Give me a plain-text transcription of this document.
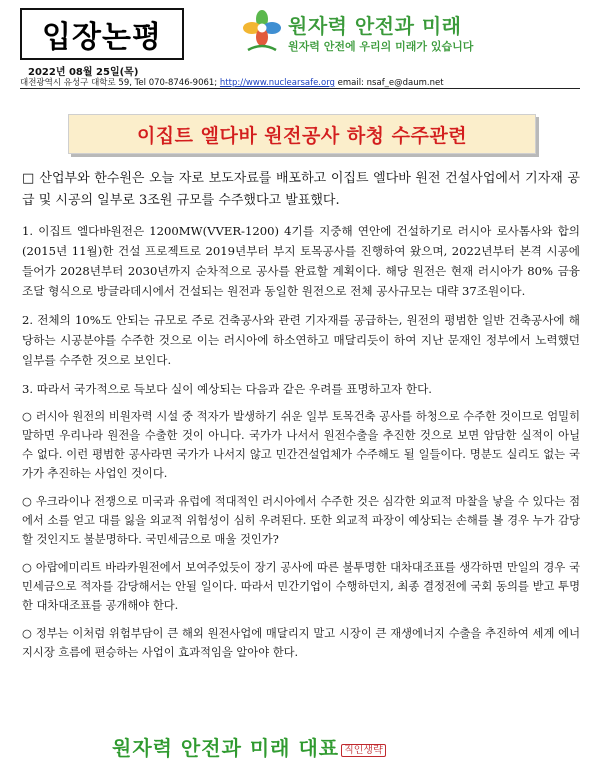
입장논평
2022년 08월 25일(목)
원자력 안전과 미래
원자력 안전에 우리의 미래가 있습니다
대전광역시 유성구 대학로 59, Tel 070-8746-9061; http://www.nuclearsafe.org email: nsaf_e@daum.net
이집트 엘다바 원전공사 하청 수주관련

□ 산업부와 한수원은 오늘 자로 보도자료를 배포하고 이집트 엘다바 원전 건설사업에서 기자재 공급 및 시공의 일부로 3조원 규모를 수주했다고 발표했다.

1. 이집트 엘다바원전은 1200MW(VVER-1200) 4기를 지중해 연안에 건설하기로 러시아 로사톰사와 합의(2015년 11월)한 건설 프로젝트로 2019년부터 부지 토목공사를 진행하여 왔으며, 2022년부터 본격 시공에 들어가 2028년부터 2030년까지 순차적으로 공사를 완료할 계획이다. 해당 원전은 현재 러시아가 80% 금융조달 형식으로 방글라데시에서 건설되는 원전과 동일한 원전으로 전체 공사규모는 대략 37조원이다.

2. 전체의 10%도 안되는 규모로 주로 건축공사와 관련 기자재를 공급하는, 원전의 평범한 일반 건축공사에 해당하는 시공분야를 수주한 것으로 이는 러시아에 하소연하고 매달리듯이 하여 지난 문재인 정부에서 노력했던 일부를 수주한 것으로 보인다.

3. 따라서 국가적으로 득보다 실이 예상되는 다음과 같은 우려를 표명하고자 한다.

○ 러시아 원전의 비원자력 시설 중 적자가 발생하기 쉬운 일부 토목건축 공사를 하청으로 수주한 것이므로 엄밀히 말하면 우리나라 원전을 수출한 것이 아니다. 국가가 나서서 원전수출을 추진한 것으로 보면 암담한 실적이 아닐 수 없다. 이런 평범한 공사라면 국가가 나서지 않고 민간건설업체가 수주해도 될 일들이다. 명분도 실리도 없는 국가가 추진하는 사업인 것이다.

○ 우크라이나 전쟁으로 미국과 유럽에 적대적인 러시아에서 수주한 것은 심각한 외교적 마찰을 낳을 수 있다는 점에서 소를 얻고 대를 잃을 외교적 위험성이 심히 우려된다. 또한 외교적 파장이 예상되는 손해를 볼 경우 누가 감당할 것인지도 불분명하다. 국민세금으로 매울 것인가?

○ 아랍에미리트 바라카원전에서 보여주었듯이 장기 공사에 따른 불투명한 대차대조표를 생각하면 만일의 경우 국민세금으로 적자를 감당해서는 안될 일이다. 따라서 민간기업이 수행하던지, 최종 결정전에 국회 동의를 받고 투명한 대차대조표를 공개해야 한다.

○ 정부는 이처럼 위험부담이 큰 해외 원전사업에 매달리지 말고 시장이 큰 재생에너지 수출을 추진하여 세계 에너지시장 흐름에 편승하는 사업이 효과적임을 알아야 한다.

원자력 안전과 미래 대표 직인생략
